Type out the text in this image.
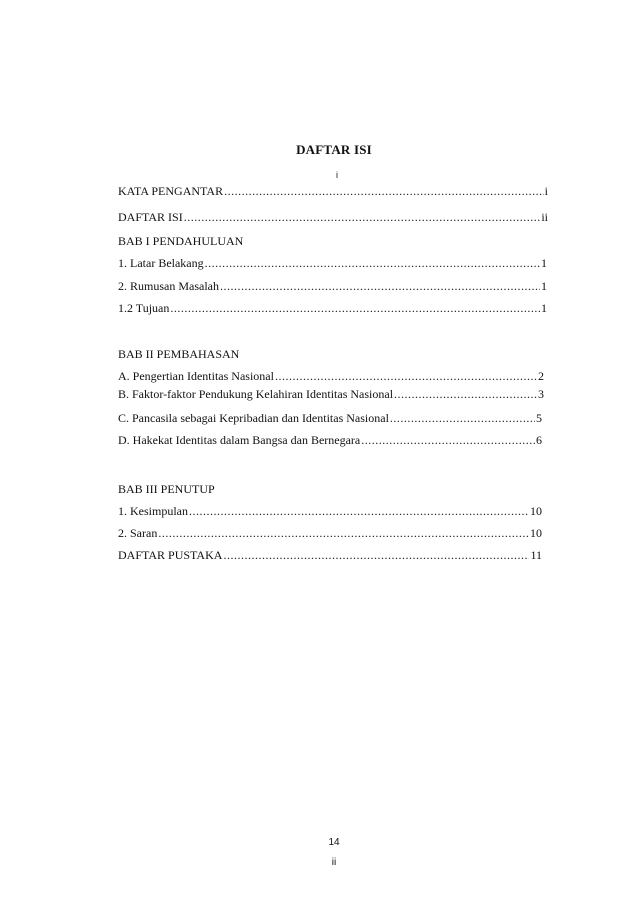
DAFTAR ISI
i
KATA PENGANTAR .....	i
DAFTAR ISI .....	ii
BAB I PENDAHULUAN
1. Latar Belakang .....	1
2. Rumusan Masalah .....	1
1.2 Tujuan .....	1
BAB II PEMBAHASAN
A. Pengertian Identitas Nasional .....	2
B. Faktor-faktor Pendukung Kelahiran Identitas Nasional .....	3
C. Pancasila sebagai Kepribadian dan Identitas Nasional .....	5
D. Hakekat Identitas dalam Bangsa dan Bernegara .....	6
BAB III PENUTUP
1. Kesimpulan .....	10
2. Saran .....	10
DAFTAR PUSTAKA .....	11
14
ii
